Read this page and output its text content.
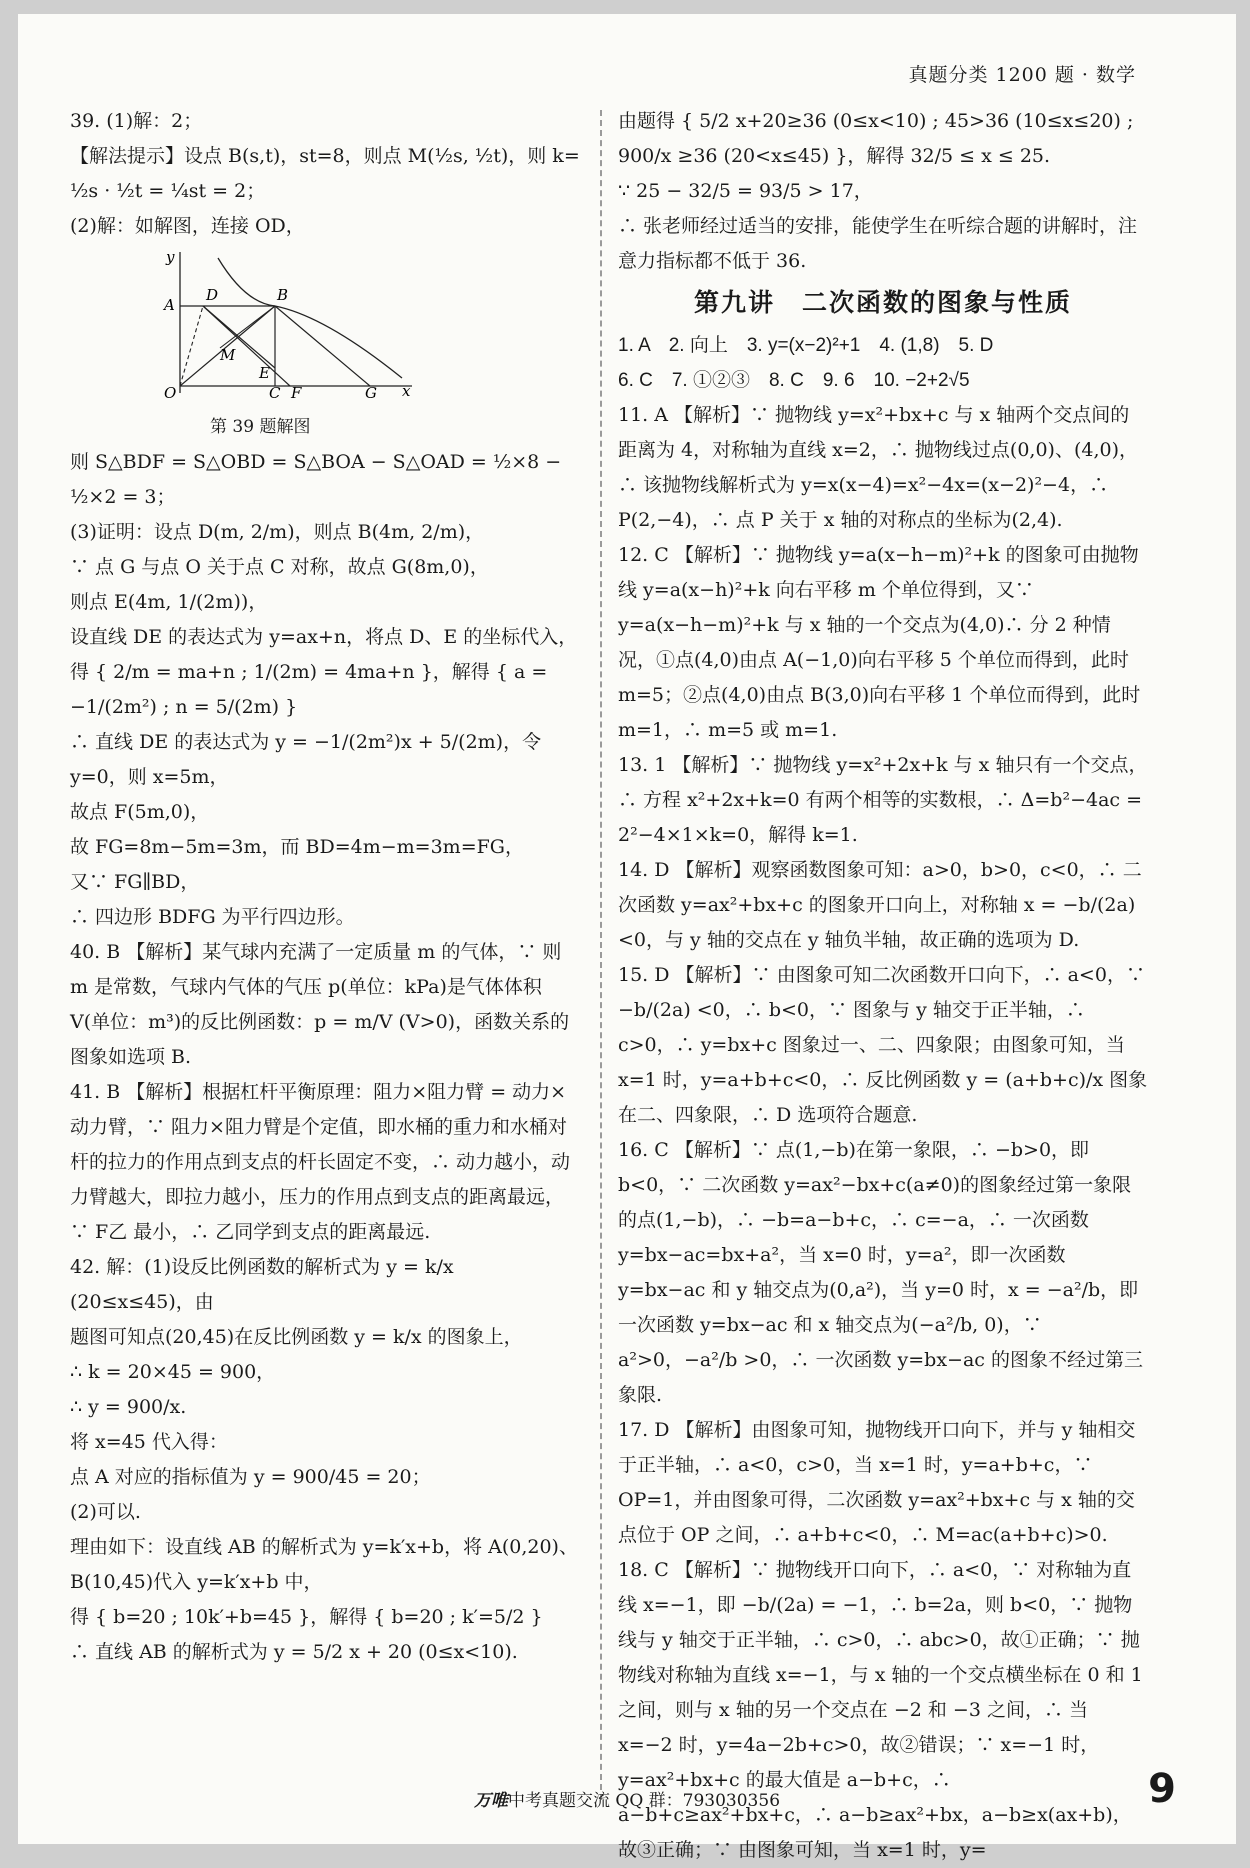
真题分类 1200 题 · 数学

39. (1)解：2；

【解法提示】设点 B(s,t)，st=8，则点 M(½s, ½t)，则 k=

½s · ½t = ¼st = 2；

(2)解：如解图，连接 OD，

y
A
D	B
M
E
O	C F	G x
第 39 题解图

则 S△BDF = S△OBD = S△BOA − S△OAD = ½×8 − ½×2 = 3；

(3)证明：设点 D(m, 2/m)，则点 B(4m, 2/m)，

∵ 点 G 与点 O 关于点 C 对称，故点 G(8m,0)，

则点 E(4m, 1/(2m))，

设直线 DE 的表达式为 y=ax+n，将点 D、E 的坐标代入，

得 { 2/m = ma+n ; 1/(2m) = 4ma+n }，解得 { a = −1/(2m²) ; n = 5/(2m) }

∴ 直线 DE 的表达式为 y = −1/(2m²)x + 5/(2m)，令 y=0，则 x=5m，

故点 F(5m,0)，

故 FG=8m−5m=3m，而 BD=4m−m=3m=FG，

又∵ FG∥BD，

∴ 四边形 BDFG 为平行四边形。

40. B 【解析】某气球内充满了一定质量 m 的气体，∵ 则 m 是常数，气球内气体的气压 p(单位：kPa)是气体体积 V(单位：m³)的反比例函数：p = m/V (V>0)，函数关系的图象如选项 B.

41. B 【解析】根据杠杆平衡原理：阻力×阻力臂 = 动力×动力臂，∵ 阻力×阻力臂是个定值，即水桶的重力和水桶对杆的拉力的作用点到支点的杆长固定不变，∴ 动力越小，动力臂越大，即拉力越小，压力的作用点到支点的距离最远，∵ F乙 最小，∴ 乙同学到支点的距离最远.

42. 解：(1)设反比例函数的解析式为 y = k/x (20≤x≤45)，由

题图可知点(20,45)在反比例函数 y = k/x 的图象上，

∴ k = 20×45 = 900，

∴ y = 900/x.

将 x=45 代入得：

点 A 对应的指标值为 y = 900/45 = 20；

(2)可以.

理由如下：设直线 AB 的解析式为 y=k′x+b，将 A(0,20)、

B(10,45)代入 y=k′x+b 中，

得 { b=20 ; 10k′+b=45 }，解得 { b=20 ; k′=5/2 }

∴ 直线 AB 的解析式为 y = 5/2 x + 20 (0≤x<10).

由题得 { 5/2 x+20≥36 (0≤x<10) ; 45>36 (10≤x≤20) ; 900/x ≥36 (20<x≤45) }，解得 32/5 ≤ x ≤ 25.

∵ 25 − 32/5 = 93/5 > 17，

∴ 张老师经过适当的安排，能使学生在听综合题的讲解时，注意力指标都不低于 36.

第九讲　二次函数的图象与性质

1. A　2. 向上　3. y=(x−2)²+1　4. (1,8)　5. D

6. C　7. ①②③　8. C　9. 6　10. −2+2√5

11. A 【解析】∵ 抛物线 y=x²+bx+c 与 x 轴两个交点间的距离为 4，对称轴为直线 x=2，∴ 抛物线过点(0,0)、(4,0)，∴ 该抛物线解析式为 y=x(x−4)=x²−4x=(x−2)²−4，∴ P(2,−4)，∴ 点 P 关于 x 轴的对称点的坐标为(2,4).

12. C 【解析】∵ 抛物线 y=a(x−h−m)²+k 的图象可由抛物线 y=a(x−h)²+k 向右平移 m 个单位得到，又∵ y=a(x−h−m)²+k 与 x 轴的一个交点为(4,0)∴ 分 2 种情况，①点(4,0)由点 A(−1,0)向右平移 5 个单位而得到，此时 m=5；②点(4,0)由点 B(3,0)向右平移 1 个单位而得到，此时 m=1，∴ m=5 或 m=1.

13. 1 【解析】∵ 抛物线 y=x²+2x+k 与 x 轴只有一个交点，∴ 方程 x²+2x+k=0 有两个相等的实数根，∴ Δ=b²−4ac = 2²−4×1×k=0，解得 k=1.

14. D 【解析】观察函数图象可知：a>0，b>0，c<0，∴ 二次函数 y=ax²+bx+c 的图象开口向上，对称轴 x = −b/(2a) <0，与 y 轴的交点在 y 轴负半轴，故正确的选项为 D.

15. D 【解析】∵ 由图象可知二次函数开口向下，∴ a<0，∵ −b/(2a) <0，∴ b<0，∵ 图象与 y 轴交于正半轴，∴ c>0，∴ y=bx+c 图象过一、二、四象限；由图象可知，当 x=1 时，y=a+b+c<0，∴ 反比例函数 y = (a+b+c)/x 图象在二、四象限，∴ D 选项符合题意.

16. C 【解析】∵ 点(1,−b)在第一象限，∴ −b>0，即 b<0，∵ 二次函数 y=ax²−bx+c(a≠0)的图象经过第一象限的点(1,−b)，∴ −b=a−b+c，∴ c=−a，∴ 一次函数 y=bx−ac=bx+a²，当 x=0 时，y=a²，即一次函数 y=bx−ac 和 y 轴交点为(0,a²)，当 y=0 时，x = −a²/b，即一次函数 y=bx−ac 和 x 轴交点为(−a²/b, 0)，∵ a²>0，−a²/b >0，∴ 一次函数 y=bx−ac 的图象不经过第三象限.

17. D 【解析】由图象可知，抛物线开口向下，并与 y 轴相交于正半轴，∴ a<0，c>0，当 x=1 时，y=a+b+c，∵ OP=1，并由图象可得，二次函数 y=ax²+bx+c 与 x 轴的交点位于 OP 之间，∴ a+b+c<0，∴ M=ac(a+b+c)>0.

18. C 【解析】∵ 抛物线开口向下，∴ a<0，∵ 对称轴为直线 x=−1，即 −b/(2a) = −1，∴ b=2a，则 b<0，∵ 抛物线与 y 轴交于正半轴，∴ c>0，∴ abc>0，故①正确；∵ 抛物线对称轴为直线 x=−1，与 x 轴的一个交点横坐标在 0 和 1 之间，则与 x 轴的另一个交点在 −2 和 −3 之间，∴ 当 x=−2 时，y=4a−2b+c>0，故②错误；∵ x=−1 时，y=ax²+bx+c 的最大值是 a−b+c，∴ a−b+c≥ax²+bx+c，∴ a−b≥ax²+bx，a−b≥x(ax+b)，故③正确；∵ 由图象可知，当 x=1 时，y=

万唯中考真题交流 QQ 群：793030356	9
